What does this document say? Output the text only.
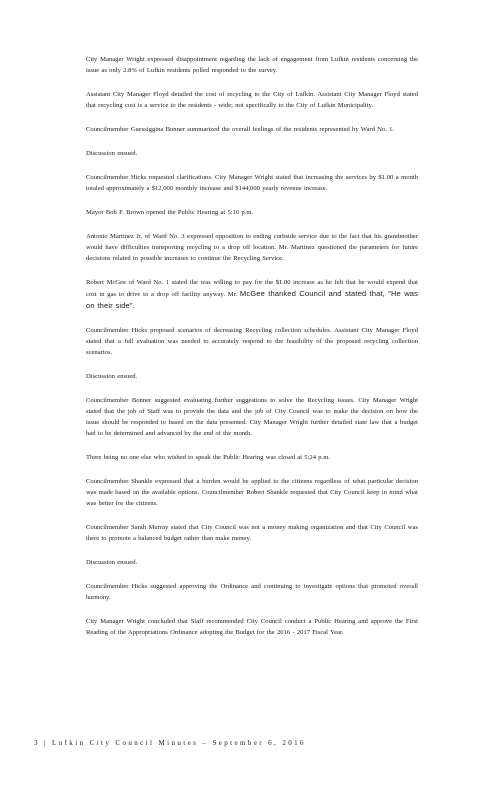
City Manager Wright expressed disappointment regarding the lack of engagement from Lufkin residents concerning the issue as only 2.8% of Lufkin residents polled responded to the survey.

Assistant City Manager Floyd detailed the cost of recycling to the City of Lufkin. Assistant City Manager Floyd stated that recycling cost is a service to the residents - wide; not specifically to the City of Lufkin Municipality.

Councilmember Guessiggina Bonner summarized the overall feelings of the residents represented by Ward No. 1.

Discussion ensued.

Councilmember Hicks requested clarifications. City Manager Wright stated that increasing the services by $1.00 a month totaled approximately a $12,000 monthly increase and $144,000 yearly revenue increase.

Mayor Bob F. Brown opened the Public Hearing at 5:16 p.m.

Antonio Martinez Jr. of Ward No. 3 expressed opposition to ending curbside service due to the fact that his grandmother would have difficulties transporting recycling to a drop off location. Mr. Martinez questioned the parameters for future decisions related to possible increases to continue the Recycling Service.

Robert McGee of Ward No. 1 stated the was willing to pay for the $1.00 increase as he felt that he would expend that cost in gas to drive to a drop off facility anyway. Mr. McGee thanked Council and stated that, "He was on their side".

Councilmember Hicks proposed scenarios of decreasing Recycling collection schedules. Assistant City Manager Floyd stated that a full evaluation was needed to accurately respond to the feasibility of the proposed recycling collection scenarios.

Discussion ensued.

Councilmember Bonner suggested evaluating further suggestions to solve the Recycling issues. City Manager Wright stated that the job of Staff was to provide the data and the job of City Council was to make the decision on how the issue should be responded to based on the data presented. City Manager Wright further detailed state law that a budget had to be determined and advanced by the end of the month.

There being no one else who wished to speak the Public Hearing was closed at 5:24 p.m.

Councilmember Shankle expressed that a burden would be applied to the citizens regardless of what particular decision was made based on the available options. Councilmember Robert Shankle requested that City Council keep in mind what was better for the citizens.

Councilmember Sarah Murray stated that City Council was not a money making organization and that City Council was there to promote a balanced budget rather than make money.

Discussion ensued.

Councilmember Hicks suggested approving the Ordinance and continuing to investigate options that promoted overall harmony.

City Manager Wright concluded that Staff recommended City Council conduct a Public Hearing and approve the First Reading of the Appropriations Ordinance adopting the Budget for the 2016 - 2017 Fiscal Year.

3 | Lufkin City Council Minutes – September 6, 2016
